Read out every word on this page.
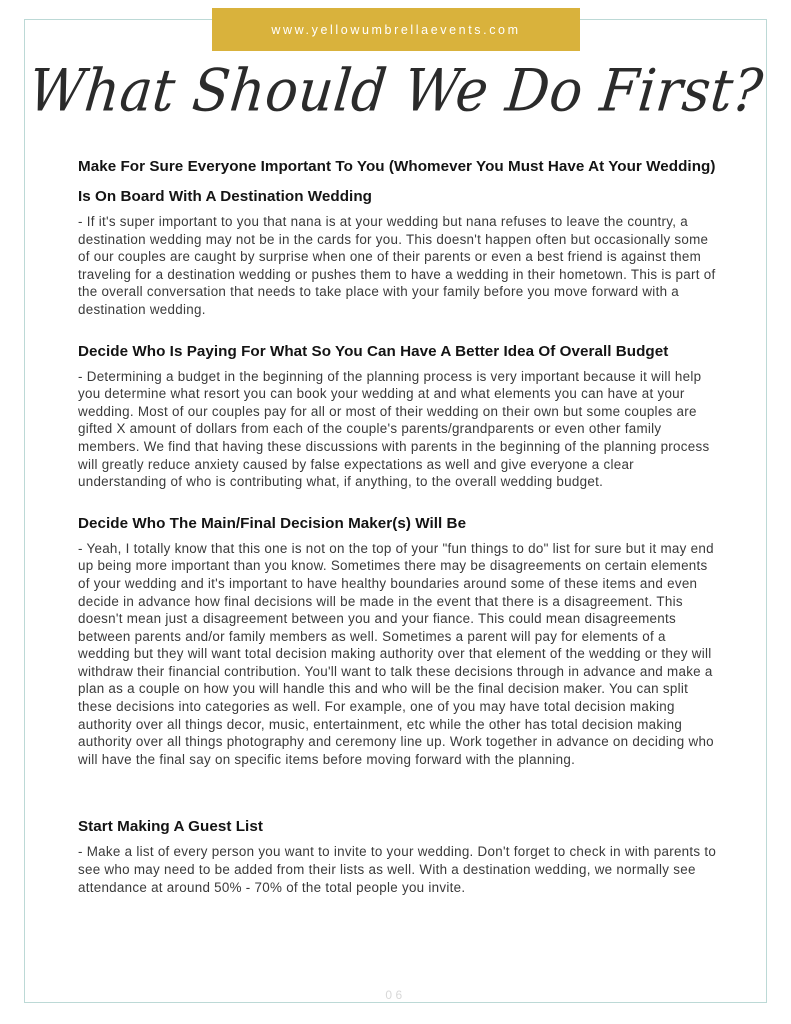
www.yellowumbrellaevents.com
What Should We Do First?
Make For Sure Everyone Important To You (Whomever You Must Have At Your Wedding) Is On Board With A Destination Wedding

- If it's super important to you that nana is at your wedding but nana refuses to leave the country, a destination wedding may not be in the cards for you. This doesn't happen often but occasionally some of our couples are caught by surprise when one of their parents or even a best friend is against them traveling for a destination wedding or pushes them to have a wedding in their hometown. This is part of the overall conversation that needs to take place with your family before you move forward with a destination wedding.

Decide Who Is Paying For What So You Can Have A Better Idea Of Overall Budget

- Determining a budget in the beginning of the planning process is very important because it will help you determine what resort you can book your wedding at and what elements you can have at your wedding. Most of our couples pay for all or most of their wedding on their own but some couples are gifted X amount of dollars from each of the couple's parents/grandparents or even other family members. We find that having these discussions with parents in the beginning of the planning process will greatly reduce anxiety caused by false expectations as well and give everyone a clear understanding of who is contributing what, if anything, to the overall wedding budget.

Decide Who The Main/Final Decision Maker(s) Will Be

- Yeah, I totally know that this one is not on the top of your "fun things to do" list for sure but it may end up being more important than you know. Sometimes there may be disagreements on certain elements of your wedding and it's important to have healthy boundaries around some of these items and even decide in advance how final decisions will be made in the event that there is a disagreement. This doesn't mean just a disagreement between you and your fiance. This could mean disagreements between parents and/or family members as well. Sometimes a parent will pay for elements of a wedding but they will want total decision making authority over that element of the wedding or they will withdraw their financial contribution. You'll want to talk these decisions through in advance and make a plan as a couple on how you will handle this and who will be the final decision maker. You can split these decisions into categories as well. For example, one of you may have total decision making authority over all things decor, music, entertainment, etc while the other has total decision making authority over all things photography and ceremony line up. Work together in advance on deciding who will have the final say on specific items before moving forward with the planning.

Start Making A Guest List

- Make a list of every person you want to invite to your wedding. Don't forget to check in with parents to see who may need to be added from their lists as well. With a destination wedding, we normally see attendance at around 50% - 70% of the total people you invite.

06
